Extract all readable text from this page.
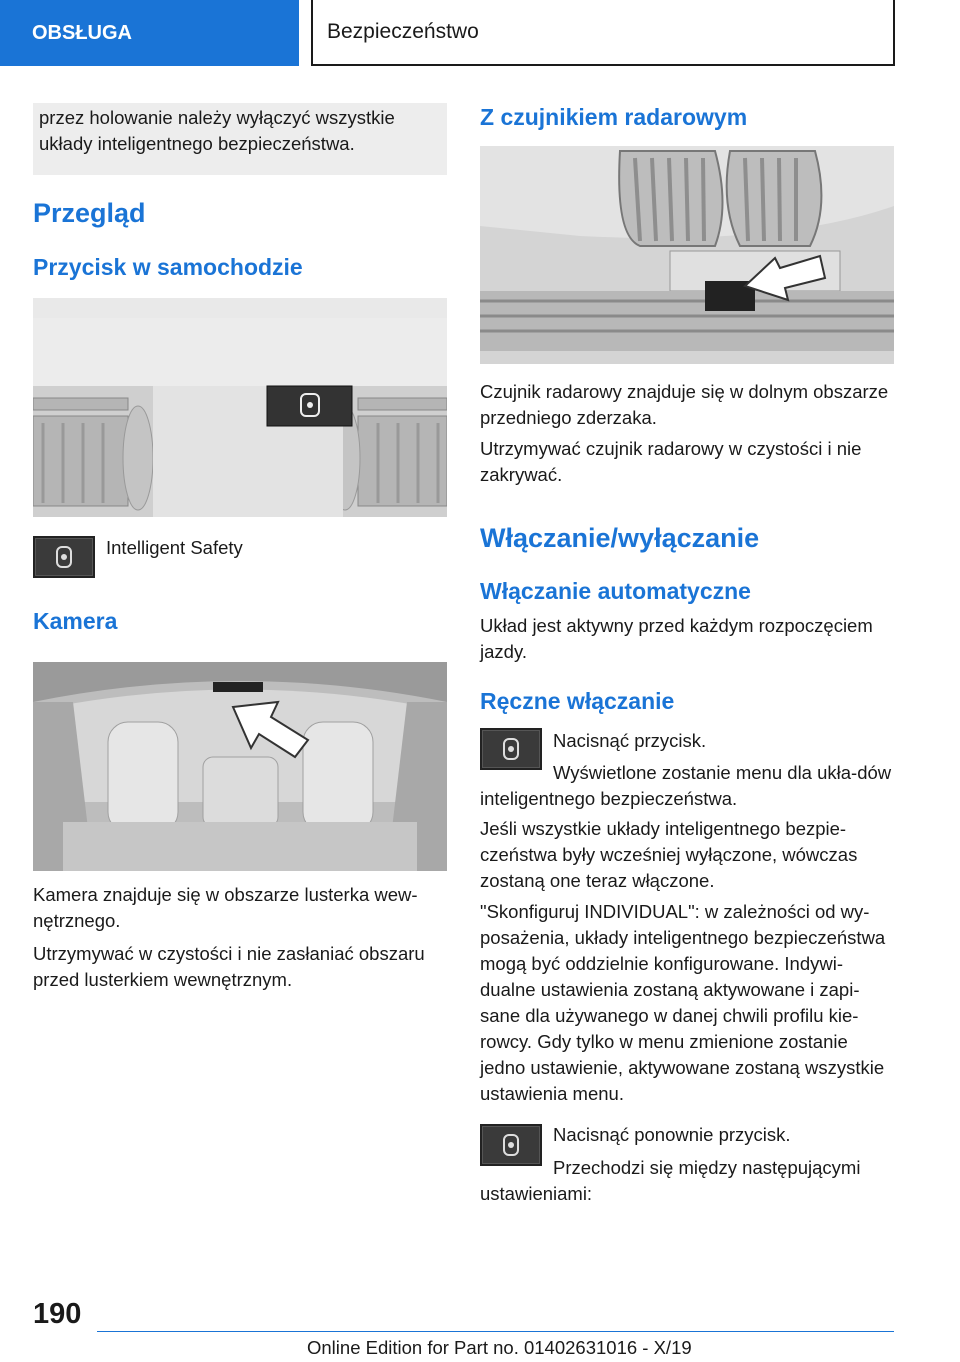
OBSŁUGA	Bezpieczeństwo

przez holowanie należy wyłączyć wszystkie układy inteligentnego bezpieczeństwa.

Przegląd
Przycisk w samochodzie

Intelligent Safety

Kamera

Kamera znajduje się w obszarze lusterka wew-nętrznego.

Utrzymywać w czystości i nie zasłaniać obszaru przed lusterkiem wewnętrznym.

Z czujnikiem radarowym

Czujnik radarowy znajduje się w dolnym obszarze przedniego zderzaka.

Utrzymywać czujnik radarowy w czystości i nie zakrywać.

Włączanie/wyłączanie
Włączanie automatyczne

Układ jest aktywny przed każdym rozpoczęciem jazdy.

Ręczne włączanie

Nacisnąć przycisk.

Wyświetlone zostanie menu dla ukła-dów inteligentnego bezpieczeństwa.

Jeśli wszystkie układy inteligentnego bezpie-czeństwa były wcześniej wyłączone, wówczas zostaną one teraz włączone.

"Skonfiguruj INDIVIDUAL": w zależności od wy-posażenia, układy inteligentnego bezpieczeństwa mogą być oddzielnie konfigurowane. Indywi-dualne ustawienia zostaną aktywowane i zapi-sane dla używanego w danej chwili profilu kie-rowcy. Gdy tylko w menu zmienione zostanie jedno ustawienie, aktywowane zostaną wszystkie ustawienia menu.

Nacisnąć ponownie przycisk.

Przechodzi się między następującymi ustawieniami:
190
Online Edition for Part no. 01402631016 - X/19
